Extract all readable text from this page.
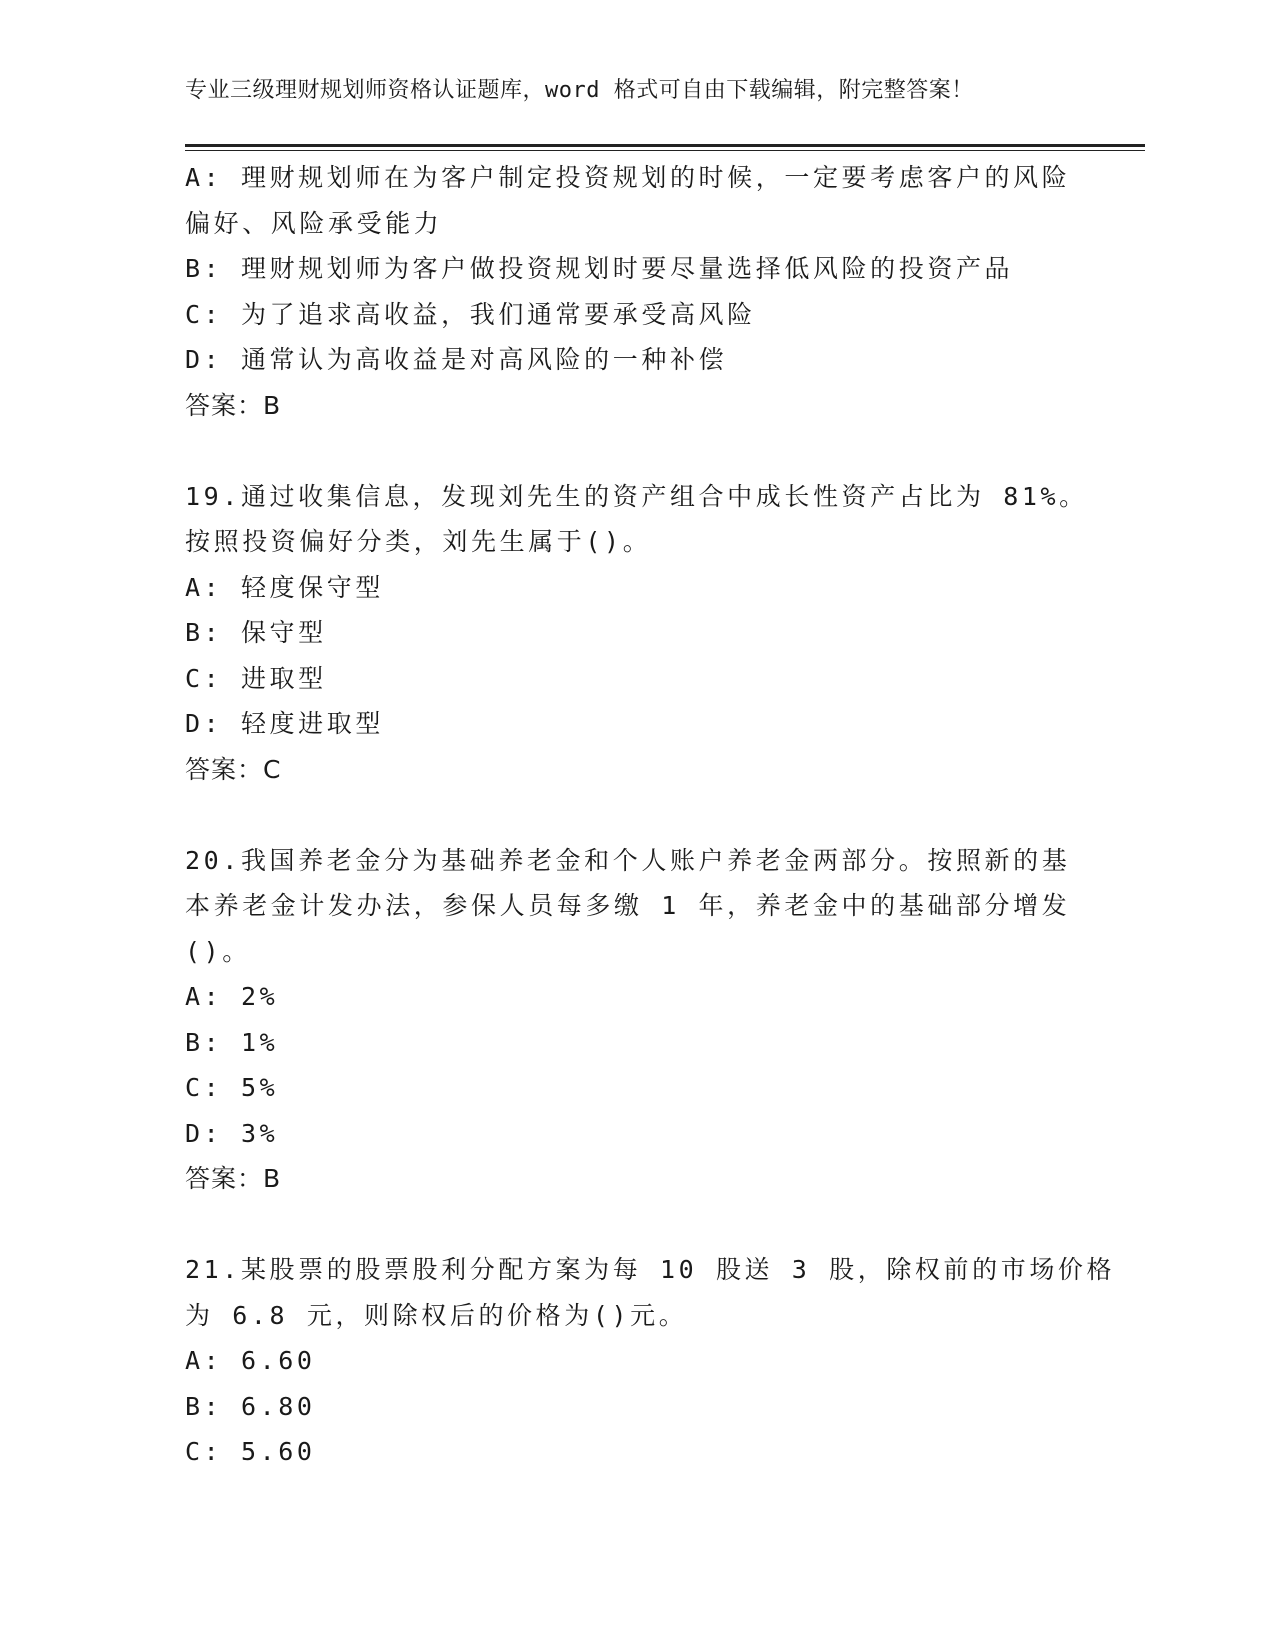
专业三级理财规划师资格认证题库，word 格式可自由下载编辑，附完整答案！
A: 理财规划师在为客户制定投资规划的时候，一定要考虑客户的风险
偏好、风险承受能力
B: 理财规划师为客户做投资规划时要尽量选择低风险的投资产品
C: 为了追求高收益，我们通常要承受高风险
D: 通常认为高收益是对高风险的一种补偿
答案：B
19.通过收集信息，发现刘先生的资产组合中成长性资产占比为 81%。
按照投资偏好分类，刘先生属于()。
A: 轻度保守型
B: 保守型
C: 进取型
D: 轻度进取型
答案：C
20.我国养老金分为基础养老金和个人账户养老金两部分。按照新的基
本养老金计发办法，参保人员每多缴 1 年，养老金中的基础部分增发
()。
A: 2%
B: 1%
C: 5%
D: 3%
答案：B
21.某股票的股票股利分配方案为每 10 股送 3 股，除权前的市场价格
为 6.8 元，则除权后的价格为()元。
A: 6.60
B: 6.80
C: 5.60
